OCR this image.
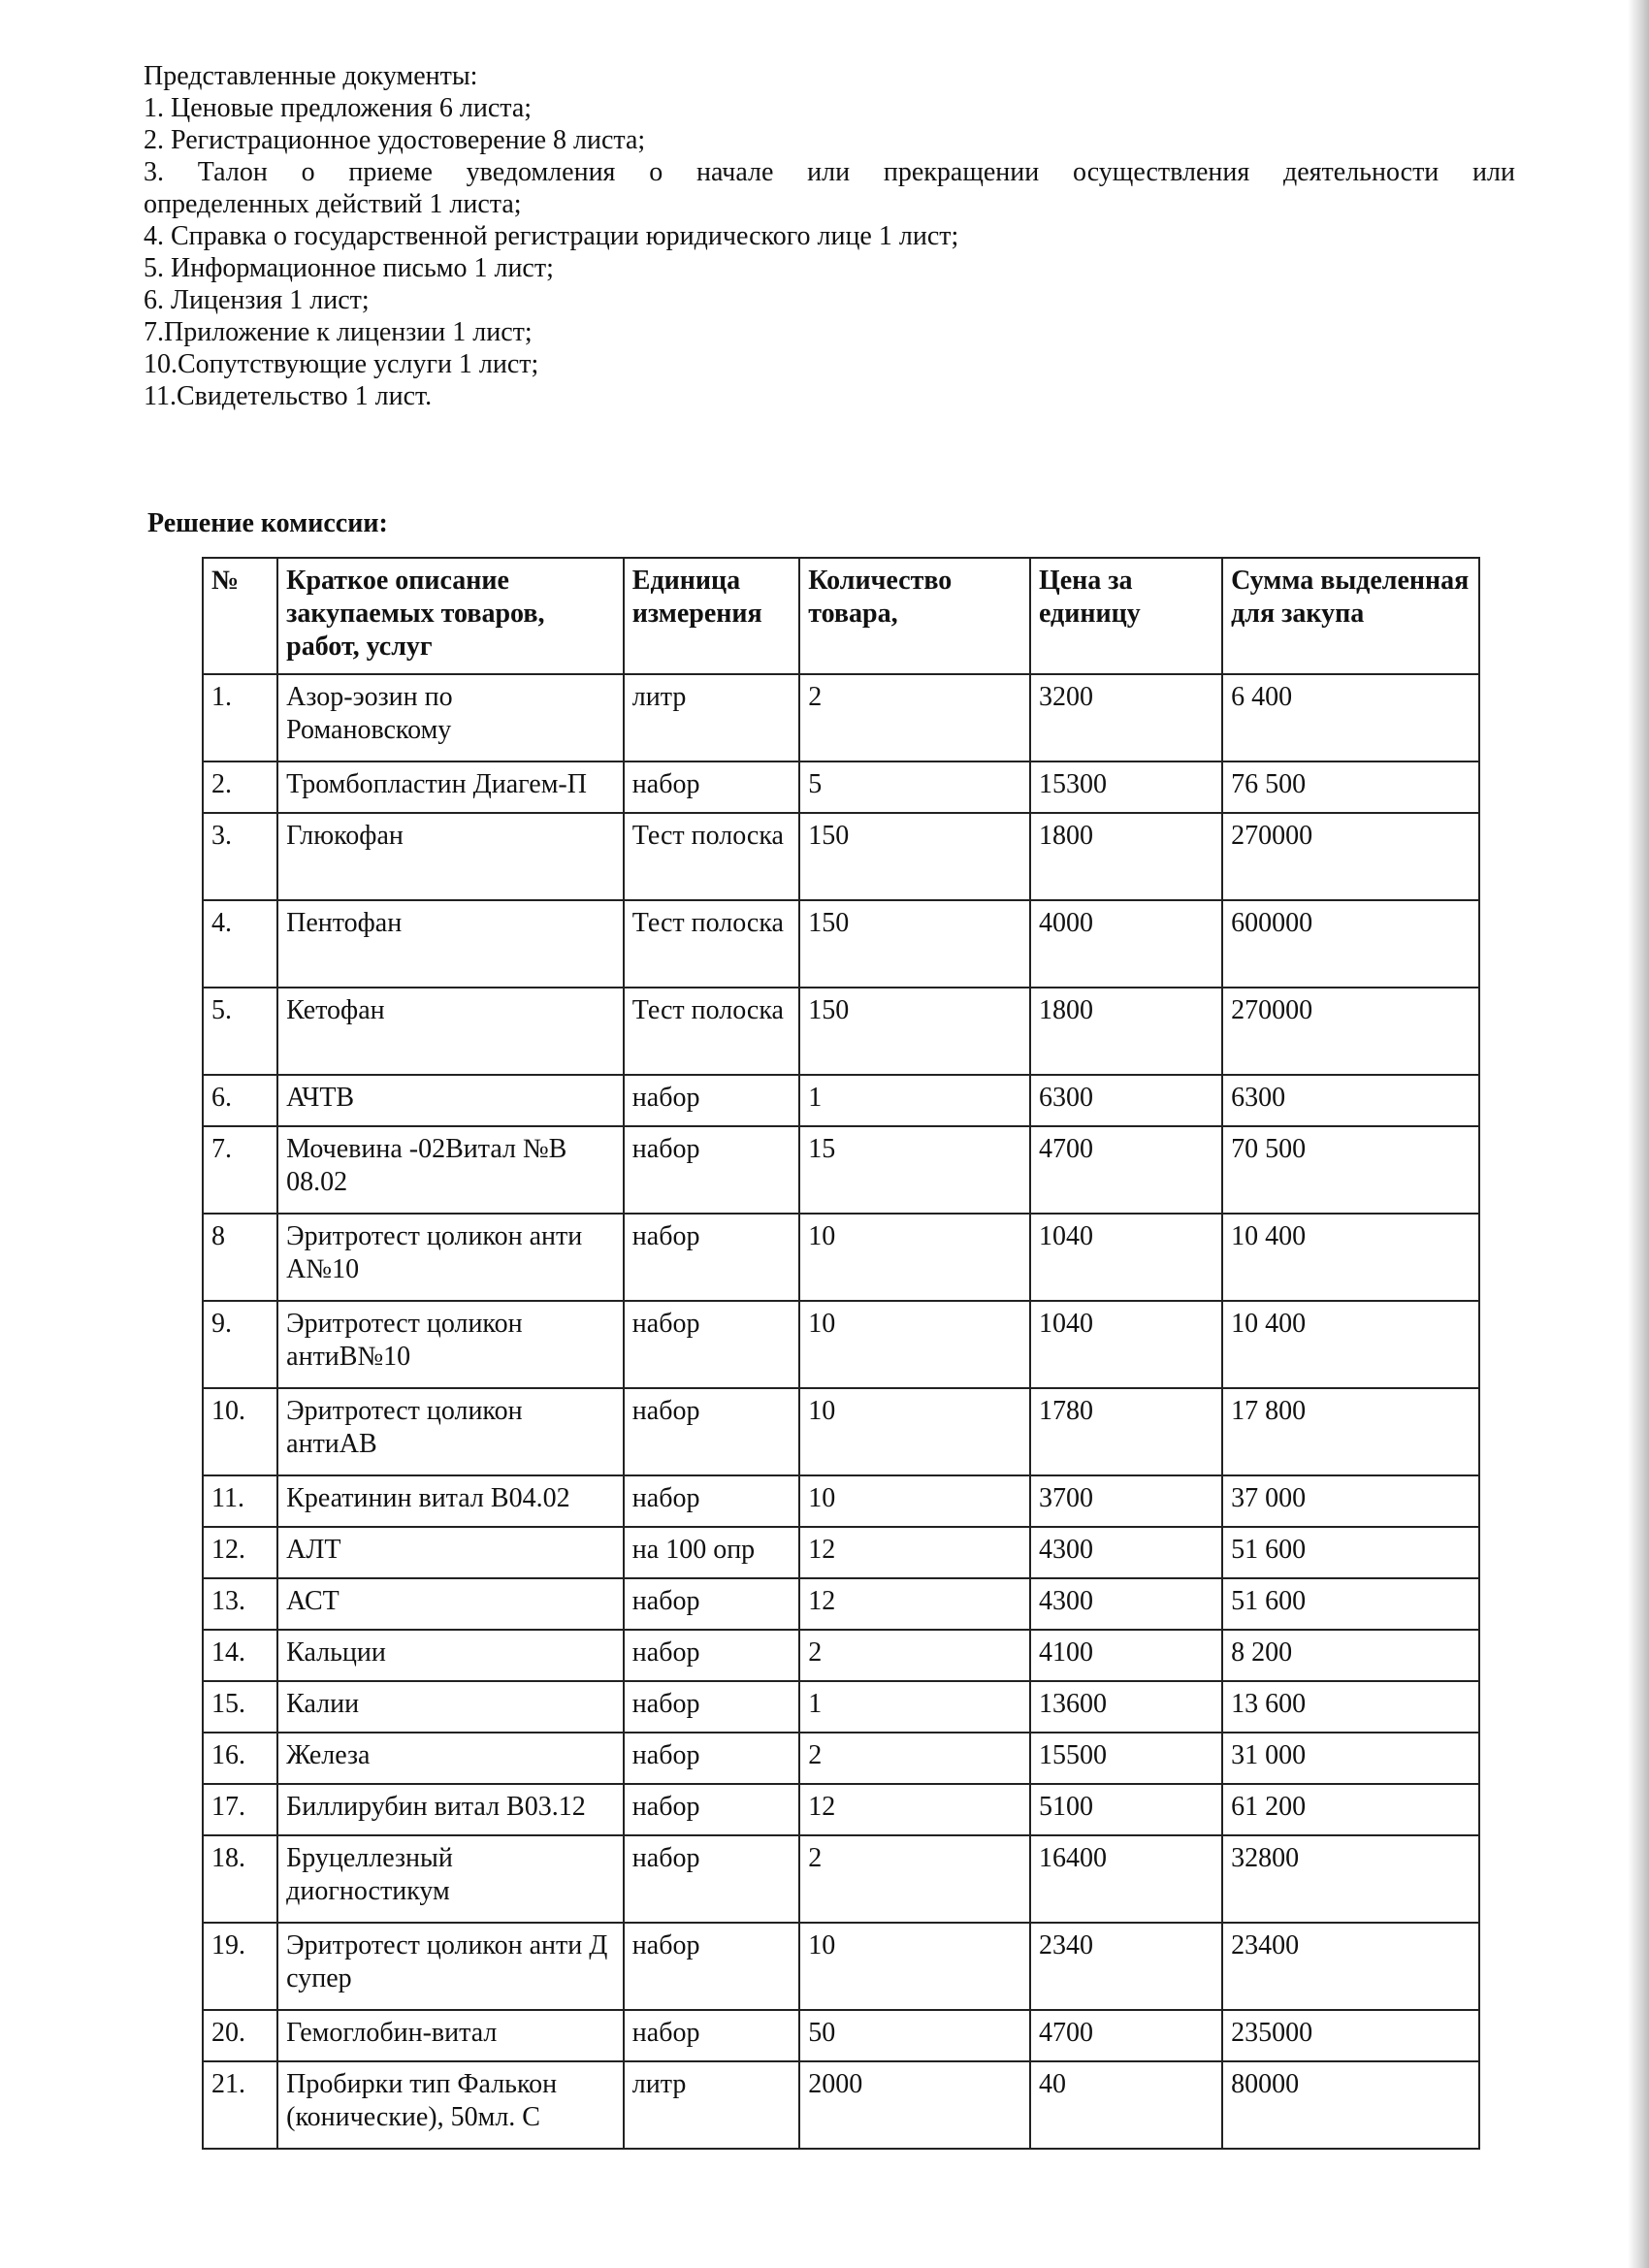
Представленные документы:
1. Ценовые предложения 6 листа;
2. Регистрационное удостоверение 8 листа;
3. Талон о приеме уведомления о начале или прекращении осуществления деятельности или
определенных действий 1 листа;
4. Справка о государственной регистрации юридического лице 1 лист;
5. Информационное письмо 1 лист;
6. Лицензия 1 лист;
7.Приложение к лицензии 1 лист;
10.Сопутствующие услуги 1 лист;
11.Свидетельство 1 лист.
Решение комиссии:
№	Краткое описание закупаемых товаров, работ, услуг	Единица измерения	Количество товара,	Цена за единицу	Сумма выделенная для закупа
1.	Азор-эозин по Романовскому	литр	2	3200	6 400
2.	Тромбопластин Диагем-П	набор	5	15300	76 500
3.	Глюкофан	Тест полоска	150	1800	270000
4.	Пентофан	Тест полоска	150	4000	600000
5.	Кетофан	Тест полоска	150	1800	270000
6.	АЧТВ	набор	1	6300	6300
7.	Мочевина -02Витал №В 08.02	набор	15	4700	70 500
8	Эритротест цоликон анти А№10	набор	10	1040	10 400
9.	Эритротест цоликон антиВ№10	набор	10	1040	10 400
10.	Эритротест цоликон антиАВ	набор	10	1780	17 800
11.	Креатинин витал В04.02	набор	10	3700	37 000
12.	АЛТ	на 100 опр	12	4300	51 600
13.	АСТ	набор	12	4300	51 600
14.	Кальции	набор	2	4100	8 200
15.	Калии	набор	1	13600	13 600
16.	Железа	набор	2	15500	31 000
17.	Биллирубин витал В03.12	набор	12	5100	61 200
18.	Бруцеллезный диогностикум	набор	2	16400	32800
19.	Эритротест цоликон анти Д супер	набор	10	2340	23400
20.	Гемоглобин-витал	набор	50	4700	235000
21.	Пробирки тип Фалькон (конические), 50мл. С	литр	2000	40	80000
